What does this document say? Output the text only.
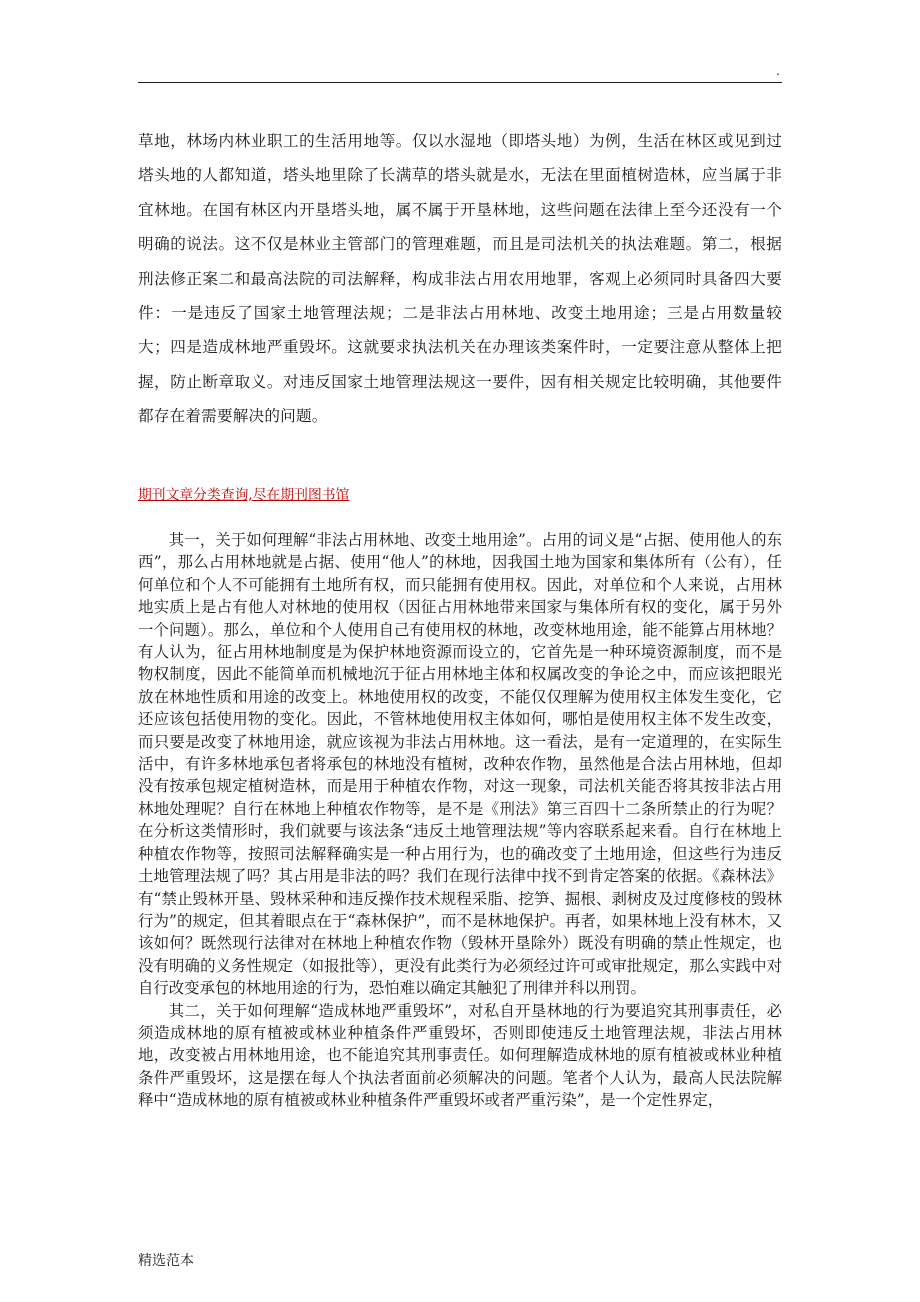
.

草地，林场内林业职工的生活用地等。仅以水湿地（即塔头地）为例，生活在林区或见到过塔头地的人都知道，塔头地里除了长满草的塔头就是水，无法在里面植树造林，应当属于非宜林地。在国有林区内开垦塔头地，属不属于开垦林地，这些问题在法律上至今还没有一个明确的说法。这不仅是林业主管部门的管理难题，而且是司法机关的执法难题。第二，根据刑法修正案二和最高法院的司法解释，构成非法占用农用地罪，客观上必须同时具备四大要件：一是违反了国家土地管理法规；二是非法占用林地、改变土地用途；三是占用数量较大；四是造成林地严重毁坏。这就要求执法机关在办理该类案件时，一定要注意从整体上把握，防止断章取义。对违反国家土地管理法规这一要件，因有相关规定比较明确，其他要件都存在着需要解决的问题。

期刊文章分类查询,尽在期刊图书馆

其一，关于如何理解“非法占用林地、改变土地用途”。占用的词义是“占据、使用他人的东西”，那么占用林地就是占据、使用“他人”的林地，因我国土地为国家和集体所有（公有），任何单位和个人不可能拥有土地所有权，而只能拥有使用权。因此，对单位和个人来说，占用林地实质上是占有他人对林地的使用权（因征占用林地带来国家与集体所有权的变化，属于另外一个问题）。那么，单位和个人使用自己有使用权的林地，改变林地用途，能不能算占用林地？有人认为，征占用林地制度是为保护林地资源而设立的，它首先是一种环境资源制度，而不是物权制度，因此不能简单而机械地沉于征占用林地主体和权属改变的争论之中，而应该把眼光放在林地性质和用途的改变上。林地使用权的改变，不能仅仅理解为使用权主体发生变化，它还应该包括使用物的变化。因此，不管林地使用权主体如何，哪怕是使用权主体不发生改变，而只要是改变了林地用途，就应该视为非法占用林地。这一看法，是有一定道理的，在实际生活中，有许多林地承包者将承包的林地没有植树，改种农作物，虽然他是合法占用林地，但却没有按承包规定植树造林，而是用于种植农作物，对这一现象，司法机关能否将其按非法占用林地处理呢？自行在林地上种植农作物等，是不是《刑法》第三百四十二条所禁止的行为呢？在分析这类情形时，我们就要与该法条“违反土地管理法规”等内容联系起来看。自行在林地上种植农作物等，按照司法解释确实是一种占用行为，也的确改变了土地用途，但这些行为违反土地管理法规了吗？其占用是非法的吗？我们在现行法律中找不到肯定答案的依据。《森林法》有“禁止毁林开垦、毁林采种和违反操作技术规程采脂、挖笋、掘根、剥树皮及过度修枝的毁林行为”的规定，但其着眼点在于“森林保护”，而不是林地保护。再者，如果林地上没有林木，又该如何？既然现行法律对在林地上种植农作物（毁林开垦除外）既没有明确的禁止性规定，也没有明确的义务性规定（如报批等），更没有此类行为必须经过许可或审批规定，那么实践中对自行改变承包的林地用途的行为，恐怕难以确定其触犯了刑律并科以刑罚。

其二，关于如何理解“造成林地严重毁坏”，对私自开垦林地的行为要追究其刑事责任，必须造成林地的原有植被或林业种植条件严重毁坏，否则即使违反土地管理法规，非法占用林地，改变被占用林地用途，也不能追究其刑事责任。如何理解造成林地的原有植被或林业种植条件严重毁坏，这是摆在每人个执法者面前必须解决的问题。笔者个人认为，最高人民法院解释中“造成林地的原有植被或林业种植条件严重毁坏或者严重污染”，是一个定性界定，

精选范本
